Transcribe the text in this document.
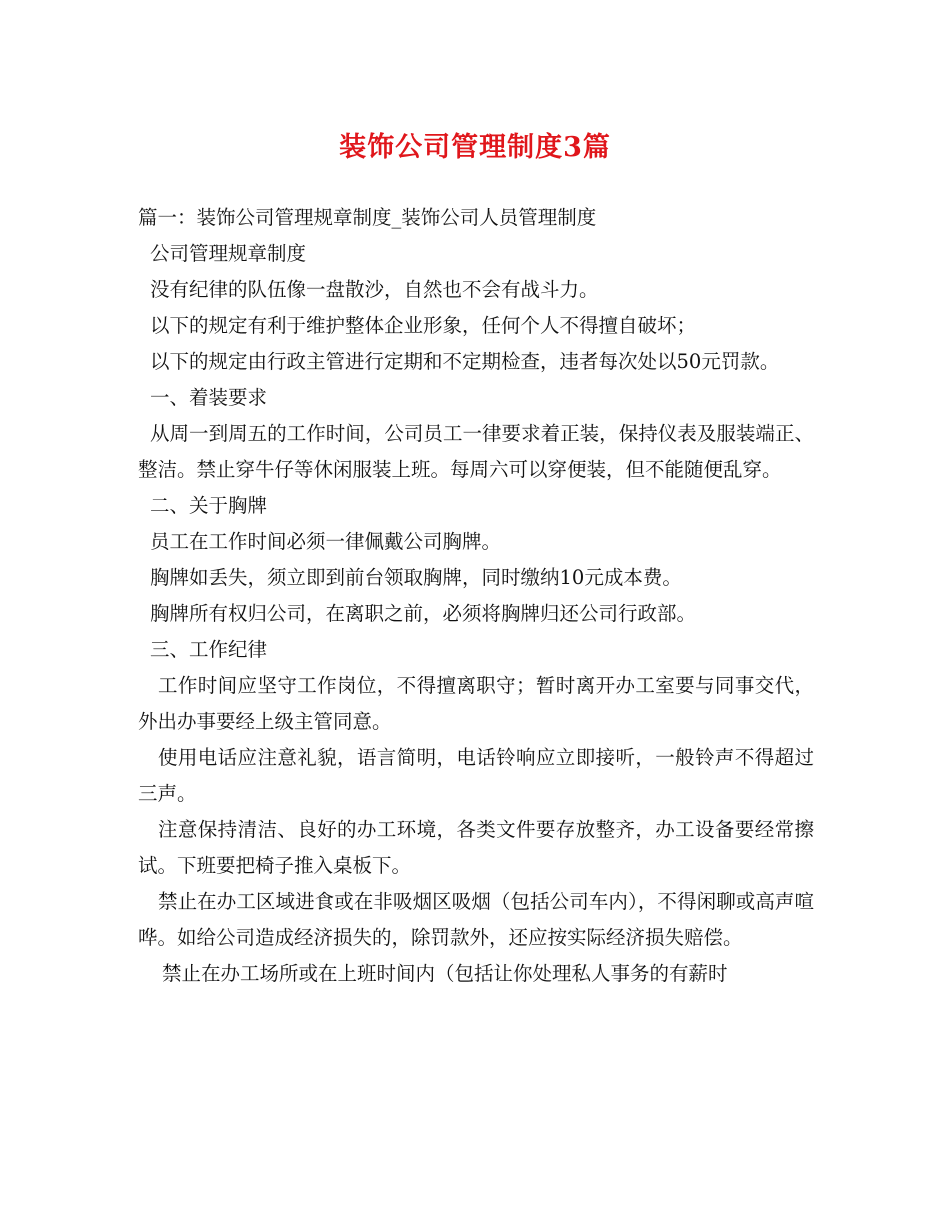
装饰公司管理制度3篇

篇一：装饰公司管理规章制度_装饰公司人员管理制度

公司管理规章制度

没有纪律的队伍像一盘散沙，自然也不会有战斗力。

以下的规定有利于维护整体企业形象，任何个人不得擅自破坏；

以下的规定由行政主管进行定期和不定期检查，违者每次处以50元罚款。

一、着装要求

从周一到周五的工作时间，公司员工一律要求着正装，保持仪表及服装端正、整洁。禁止穿牛仔等休闲服装上班。每周六可以穿便装，但不能随便乱穿。

二、关于胸牌

员工在工作时间必须一律佩戴公司胸牌。

胸牌如丢失，须立即到前台领取胸牌，同时缴纳10元成本费。

胸牌所有权归公司，在离职之前，必须将胸牌归还公司行政部。

三、工作纪律

工作时间应坚守工作岗位，不得擅离职守；暂时离开办工室要与同事交代，外出办事要经上级主管同意。

使用电话应注意礼貌，语言简明，电话铃响应立即接听，一般铃声不得超过三声。

注意保持清洁、良好的办工环境，各类文件要存放整齐，办工设备要经常擦试。下班要把椅子推入桌板下。

禁止在办工区域进食或在非吸烟区吸烟（包括公司车内），不得闲聊或高声喧哗。如给公司造成经济损失的，除罚款外，还应按实际经济损失赔偿。

禁止在办工场所或在上班时间内（包括让你处理私人事务的有薪时
